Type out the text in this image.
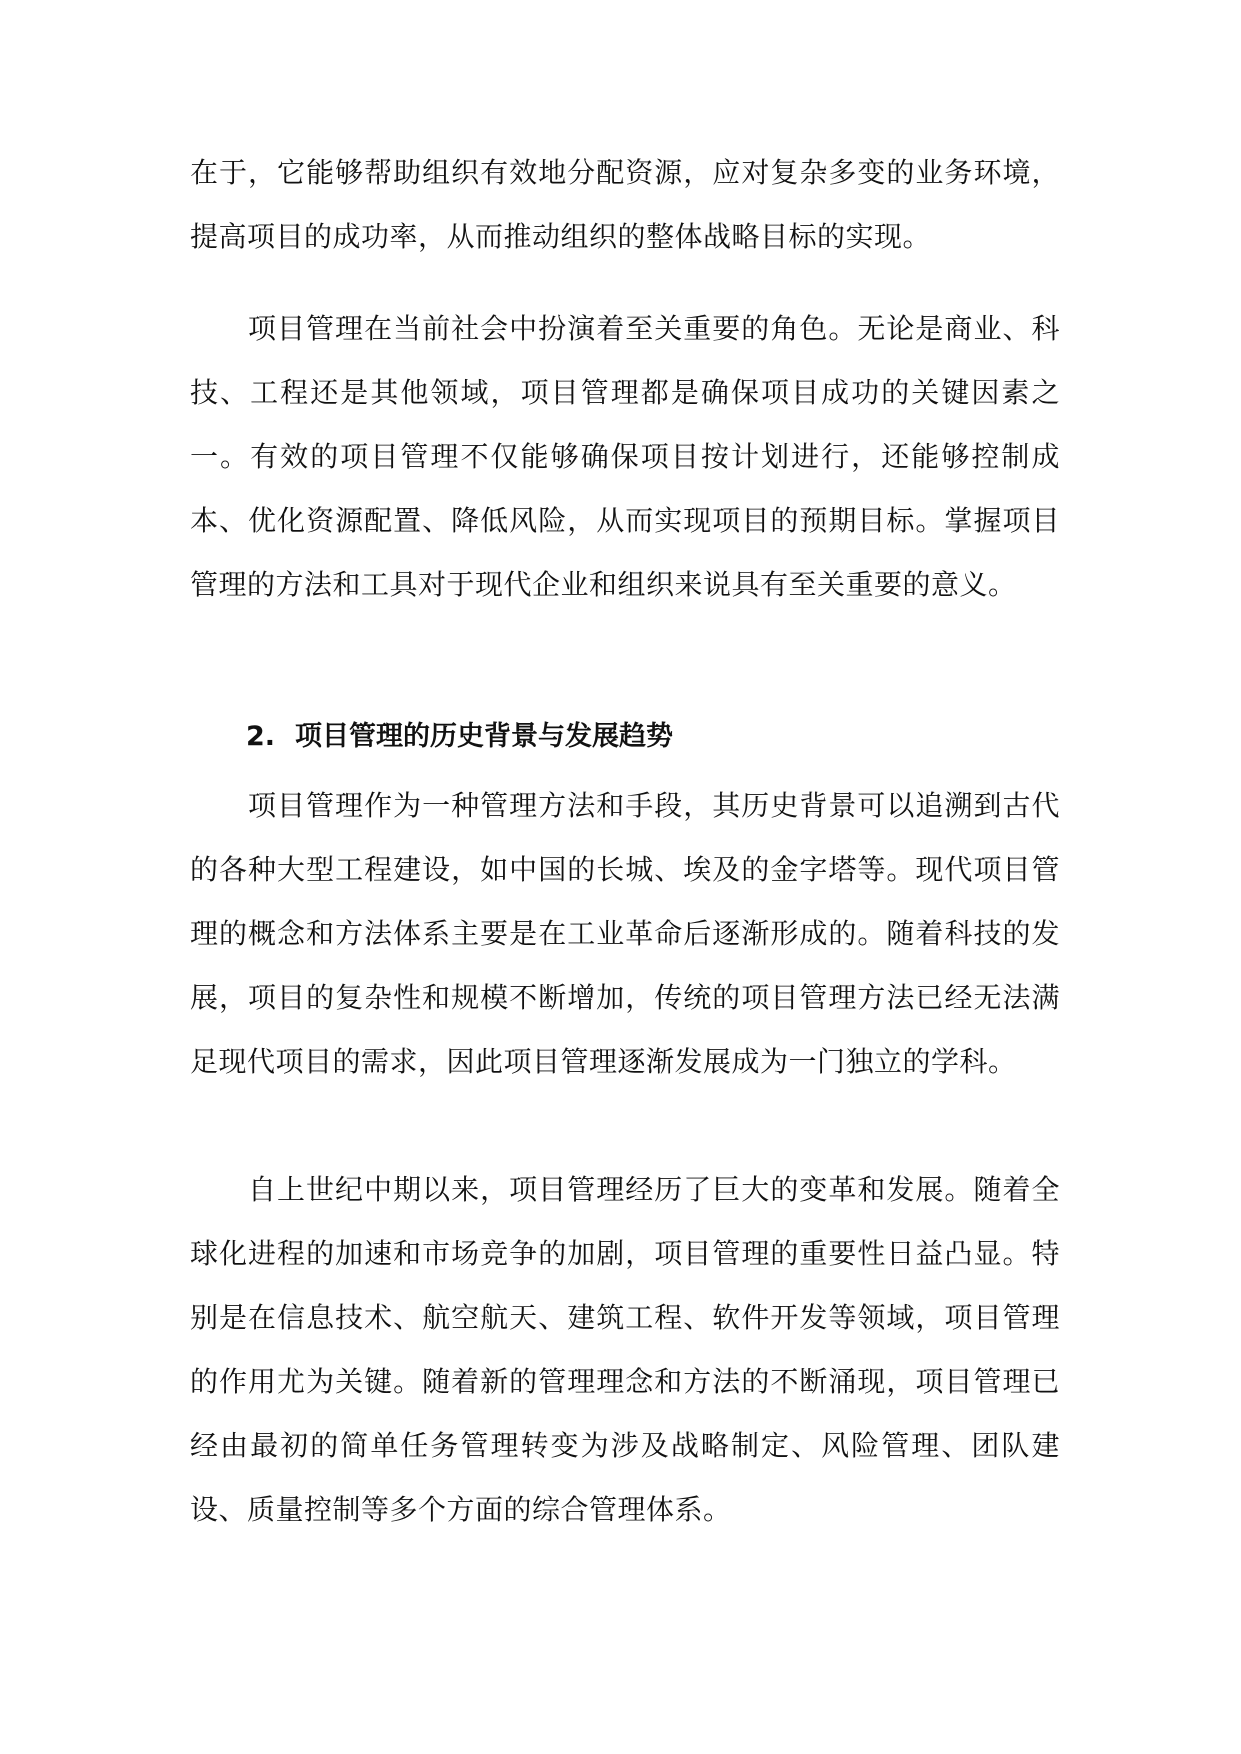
在于，它能够帮助组织有效地分配资源，应对复杂多变的业务环境，提高项目的成功率，从而推动组织的整体战略目标的实现。

项目管理在当前社会中扮演着至关重要的角色。无论是商业、科技、工程还是其他领域，项目管理都是确保项目成功的关键因素之一。有效的项目管理不仅能够确保项目按计划进行，还能够控制成本、优化资源配置、降低风险，从而实现项目的预期目标。掌握项目管理的方法和工具对于现代企业和组织来说具有至关重要的意义。

2. 项目管理的历史背景与发展趋势

项目管理作为一种管理方法和手段，其历史背景可以追溯到古代的各种大型工程建设，如中国的长城、埃及的金字塔等。现代项目管理的概念和方法体系主要是在工业革命后逐渐形成的。随着科技的发展，项目的复杂性和规模不断增加，传统的项目管理方法已经无法满足现代项目的需求，因此项目管理逐渐发展成为一门独立的学科。

自上世纪中期以来，项目管理经历了巨大的变革和发展。随着全球化进程的加速和市场竞争的加剧，项目管理的重要性日益凸显。特别是在信息技术、航空航天、建筑工程、软件开发等领域，项目管理的作用尤为关键。随着新的管理理念和方法的不断涌现，项目管理已经由最初的简单任务管理转变为涉及战略制定、风险管理、团队建设、质量控制等多个方面的综合管理体系。
